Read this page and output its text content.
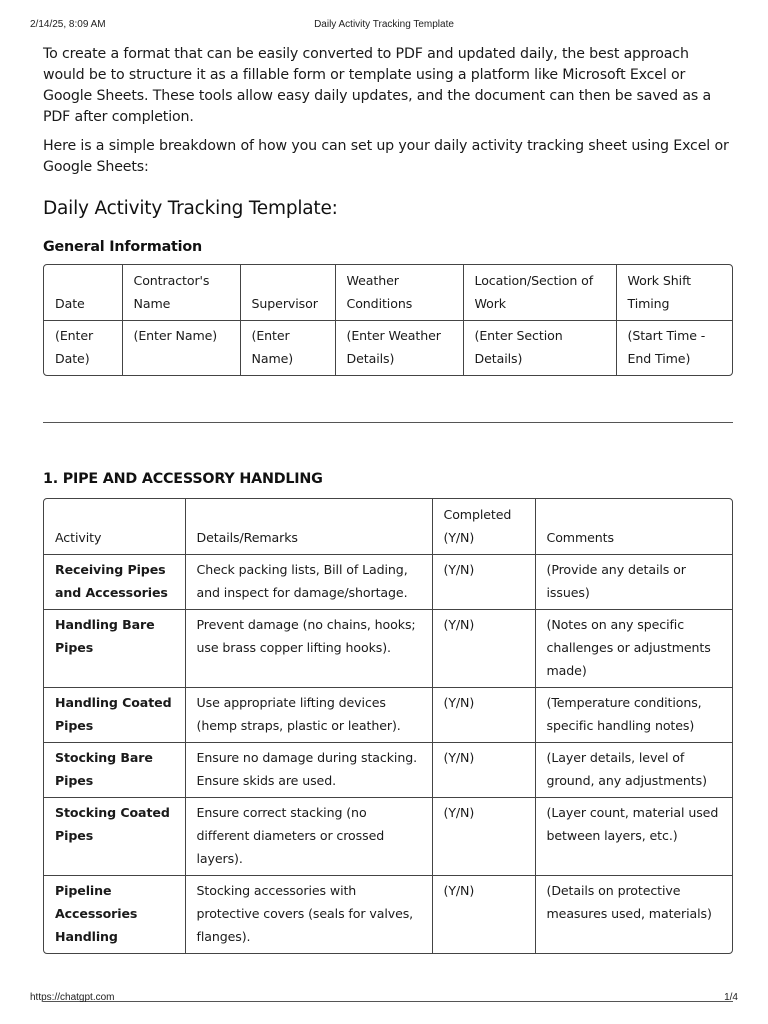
2/14/25, 8:09 AM	Daily Activity Tracking Template

To create a format that can be easily converted to PDF and updated daily, the best approach would be to structure it as a fillable form or template using a platform like Microsoft Excel or Google Sheets. These tools allow easy daily updates, and the document can then be saved as a PDF after completion.

Here is a simple breakdown of how you can set up your daily activity tracking sheet using Excel or Google Sheets:

Daily Activity Tracking Template:
General Information
Date	Contractor's Name	Supervisor	Weather Conditions	Location/Section of Work	Work Shift Timing
(Enter Date)	(Enter Name)	(Enter Name)	(Enter Weather Details)	(Enter Section Details)	(Start Time - End Time)
1. PIPE AND ACCESSORY HANDLING
Activity	Details/Remarks	Completed (Y/N)	Comments
Receiving Pipes and Accessories	Check packing lists, Bill of Lading, and inspect for damage/shortage.	(Y/N)	(Provide any details or issues)
Handling Bare Pipes	Prevent damage (no chains, hooks; use brass copper lifting hooks).	(Y/N)	(Notes on any specific challenges or adjustments made)
Handling Coated Pipes	Use appropriate lifting devices (hemp straps, plastic or leather).	(Y/N)	(Temperature conditions, specific handling notes)
Stocking Bare Pipes	Ensure no damage during stacking. Ensure skids are used.	(Y/N)	(Layer details, level of ground, any adjustments)
Stocking Coated Pipes	Ensure correct stacking (no different diameters or crossed layers).	(Y/N)	(Layer count, material used between layers, etc.)
Pipeline Accessories Handling	Stocking accessories with protective covers (seals for valves, flanges).	(Y/N)	(Details on protective measures used, materials)
https://chatgpt.com	1/4
